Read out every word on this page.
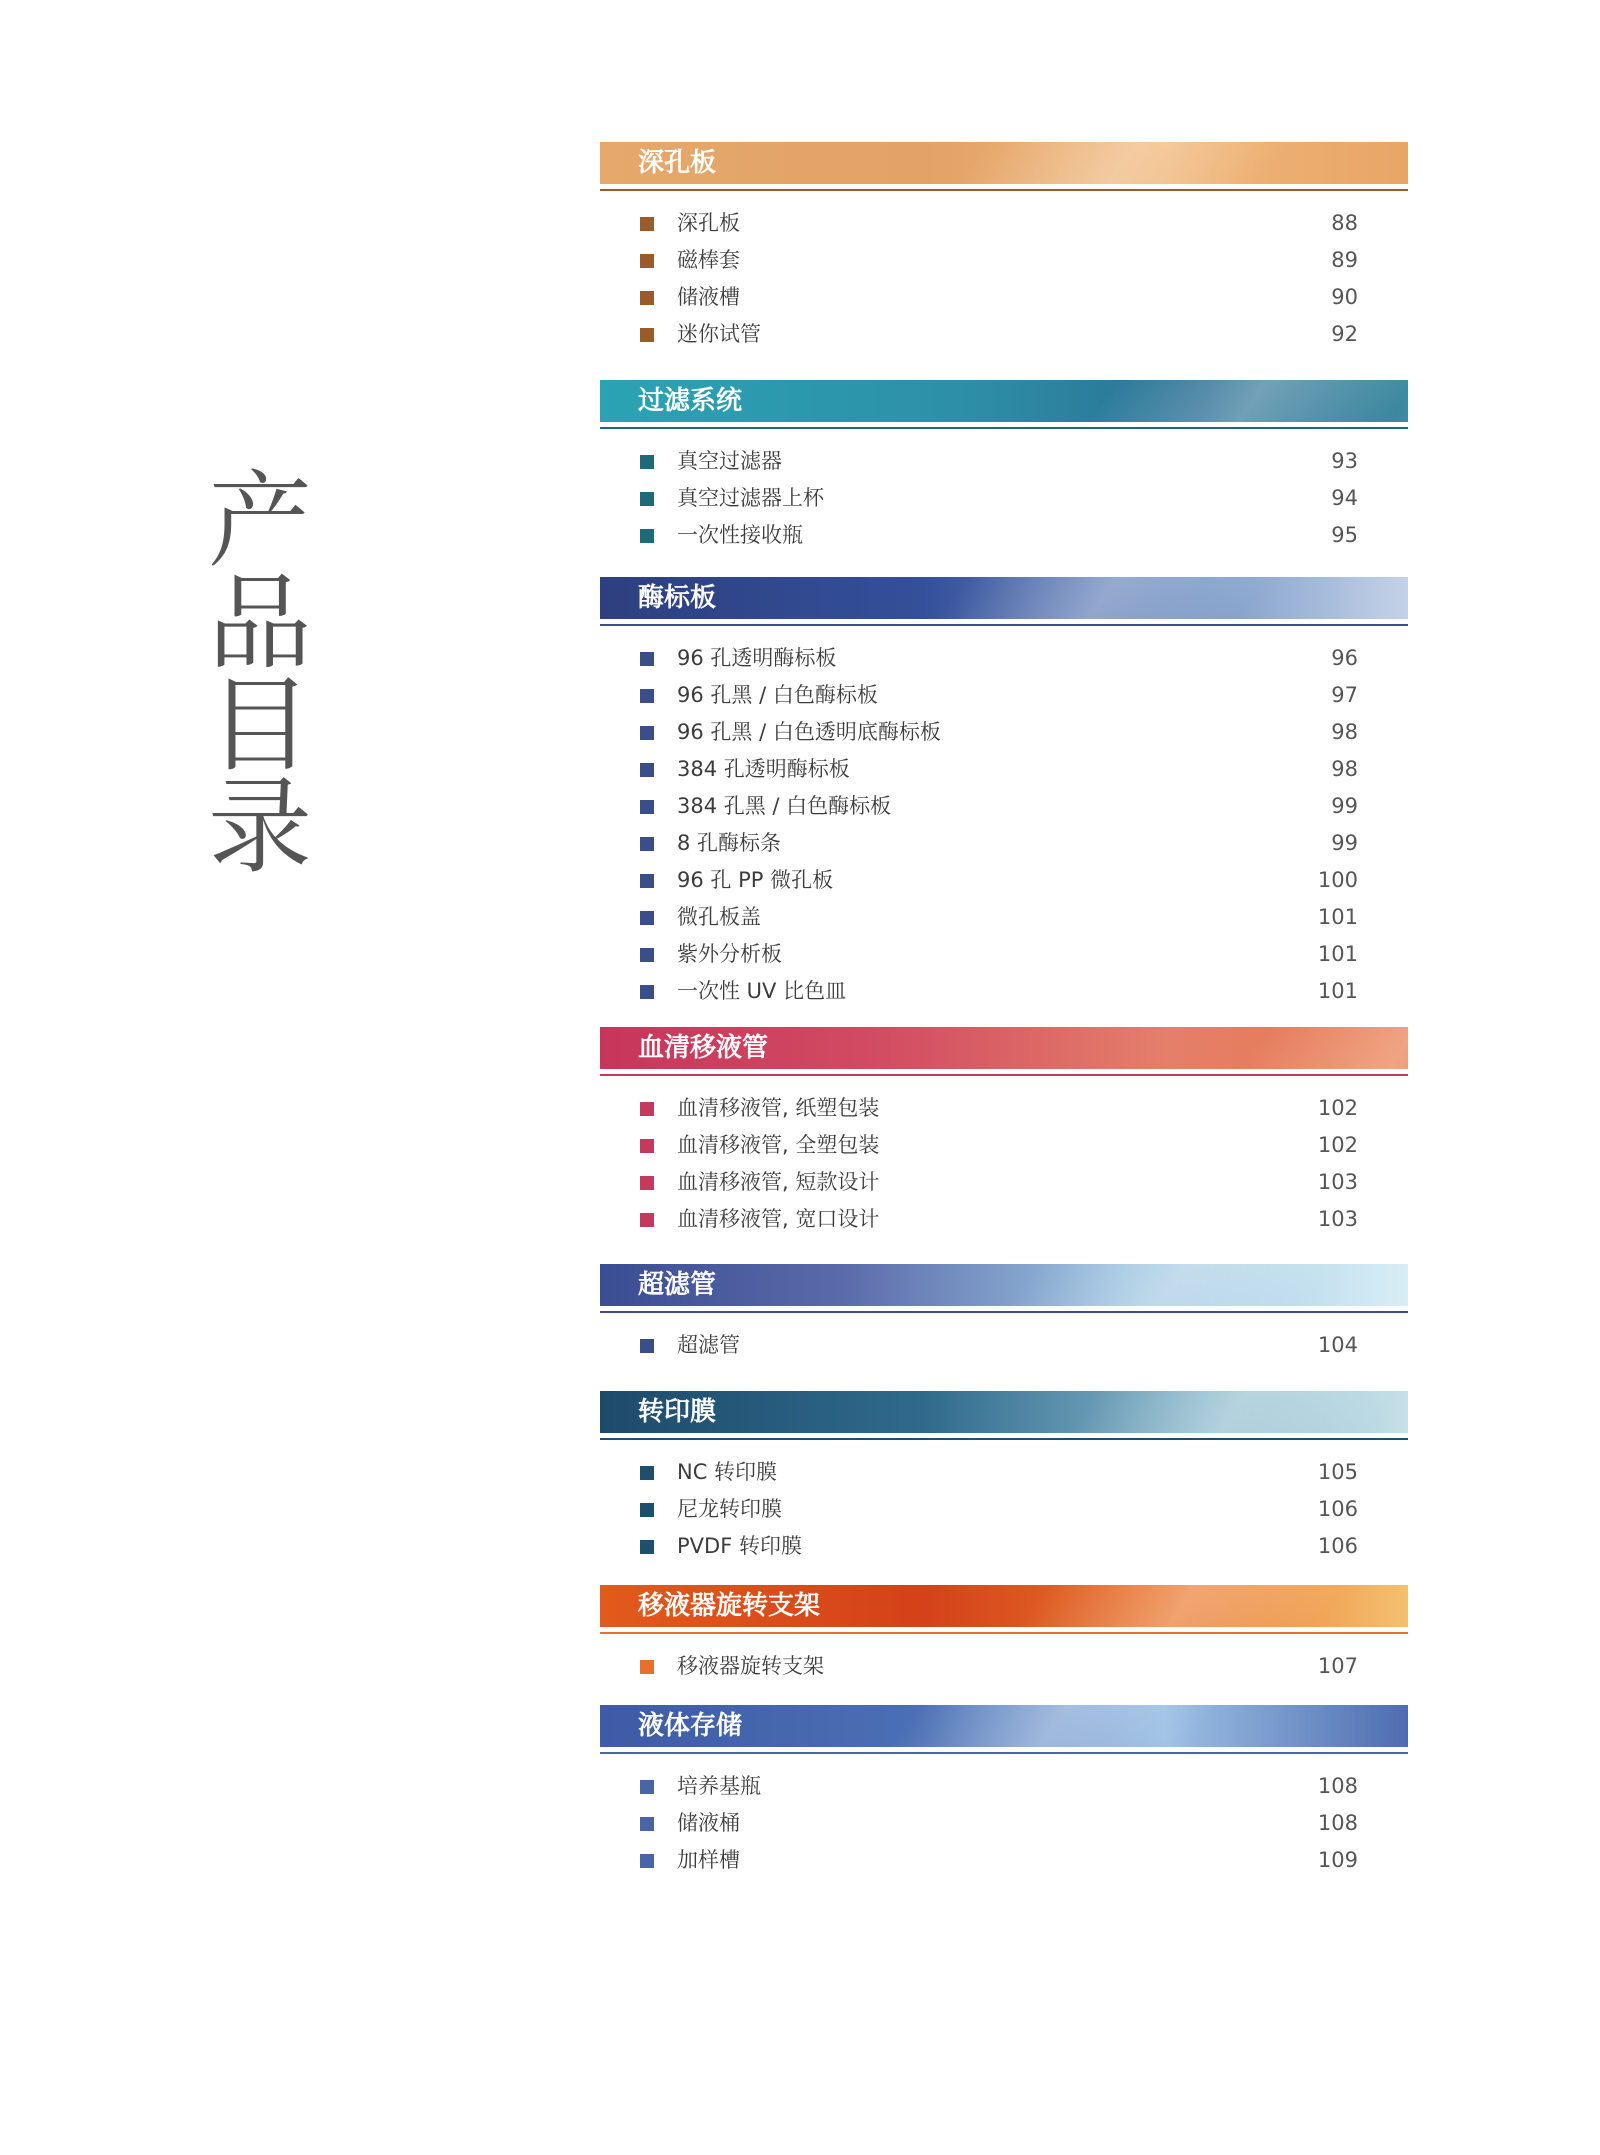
产
品
目
录
深孔板
深孔板	88
磁棒套	89
储液槽	90
迷你试管	92
过滤系统
真空过滤器	93
真空过滤器上杯	94
一次性接收瓶	95
酶标板
96 孔透明酶标板	96
96 孔黑 / 白色酶标板	97
96 孔黑 / 白色透明底酶标板	98
384 孔透明酶标板	98
384 孔黑 / 白色酶标板	99
8 孔酶标条	99
96 孔 PP 微孔板	100
微孔板盖	101
紫外分析板	101
一次性 UV 比色皿	101
血清移液管
血清移液管, 纸塑包装	102
血清移液管, 全塑包装	102
血清移液管, 短款设计	103
血清移液管, 宽口设计	103
超滤管
超滤管	104
转印膜
NC 转印膜	105
尼龙转印膜	106
PVDF 转印膜	106
移液器旋转支架
移液器旋转支架	107
液体存储
培养基瓶	108
储液桶	108
加样槽	109
